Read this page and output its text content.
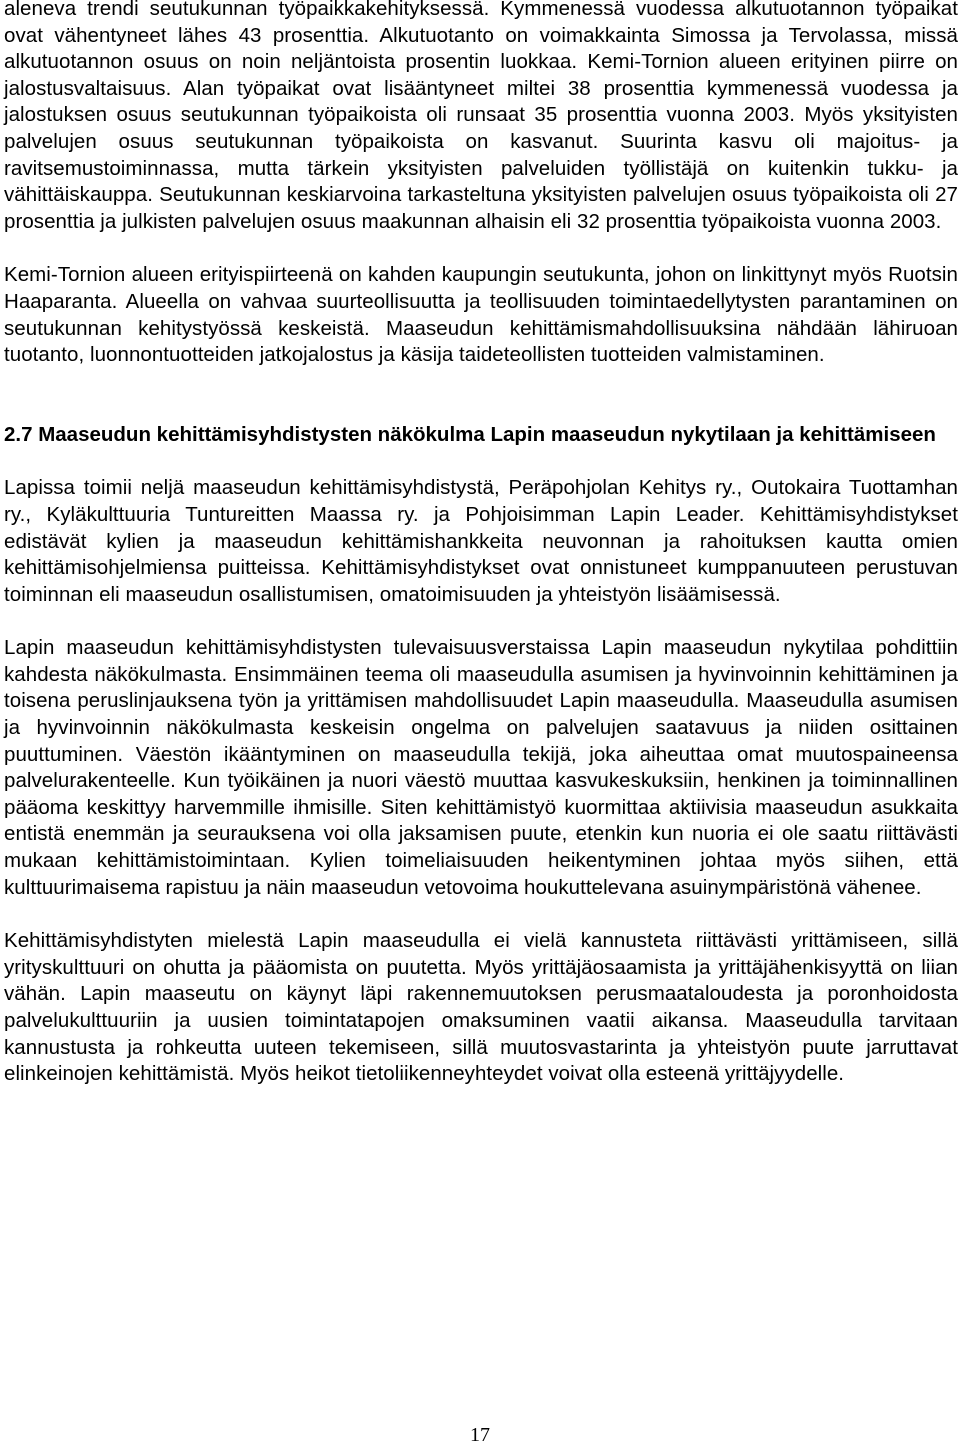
aleneva trendi seutukunnan työpaikkakehityksessä. Kymmenessä vuodessa alkutuotannon työpaikat ovat vähentyneet lähes 43 prosenttia. Alkutuotanto on voimakkainta Simossa ja Tervolassa, missä alkutuotannon osuus on noin neljäntoista prosentin luokkaa. Kemi-Tornion alueen erityinen piirre on jalostusvaltaisuus. Alan työpaikat ovat lisääntyneet miltei 38 prosenttia kymmenessä vuodessa ja jalostuksen osuus seutukunnan työpaikoista oli runsaat 35 prosenttia vuonna 2003. Myös yksityisten palvelujen osuus seutukunnan työpaikoista on kasvanut. Suurinta kasvu oli majoitus- ja ravitsemustoiminnassa, mutta tärkein yksityisten palveluiden työllistäjä on kuitenkin tukku- ja vähittäiskauppa. Seutukunnan keskiarvoina tarkasteltuna yksityisten palvelujen osuus työpaikoista oli 27 prosenttia ja julkisten palvelujen osuus maakunnan alhaisin eli 32 prosenttia työpaikoista vuonna 2003.

Kemi-Tornion alueen erityispiirteenä on kahden kaupungin seutukunta, johon on linkittynyt myös Ruotsin Haaparanta. Alueella on vahvaa suurteollisuutta ja teollisuuden toimintaedellytysten parantaminen on seutukunnan kehitystyössä keskeistä. Maaseudun kehittämismahdollisuuksina nähdään lähiruoan tuotanto, luonnontuotteiden jatkojalostus ja käsija taideteollisten tuotteiden valmistaminen.

2.7 Maaseudun kehittämisyhdistysten näkökulma Lapin maaseudun nykytilaan ja kehittämiseen

Lapissa toimii neljä maaseudun kehittämisyhdistystä, Peräpohjolan Kehitys ry., Outokaira Tuottamhan ry., Kyläkulttuuria Tuntureitten Maassa ry. ja Pohjoisimman Lapin Leader. Kehittämisyhdistykset edistävät kylien ja maaseudun kehittämishankkeita neuvonnan ja rahoituksen kautta omien kehittämisohjelmiensa puitteissa. Kehittämisyhdistykset ovat onnistuneet kumppanuuteen perustuvan toiminnan eli maaseudun osallistumisen, omatoimisuuden ja yhteistyön lisäämisessä.

Lapin maaseudun kehittämisyhdistysten tulevaisuusverstaissa Lapin maaseudun nykytilaa pohdittiin kahdesta näkökulmasta. Ensimmäinen teema oli maaseudulla asumisen ja hyvinvoinnin kehittäminen ja toisena peruslinjauksena työn ja yrittämisen mahdollisuudet Lapin maaseudulla. Maaseudulla asumisen ja hyvinvoinnin näkökulmasta keskeisin ongelma on palvelujen saatavuus ja niiden osittainen puuttuminen. Väestön ikääntyminen on maaseudulla tekijä, joka aiheuttaa omat muutospaineensa palvelurakenteelle. Kun työikäinen ja nuori väestö muuttaa kasvukeskuksiin, henkinen ja toiminnallinen pääoma keskittyy harvemmille ihmisille. Siten kehittämistyö kuormittaa aktiivisia maaseudun asukkaita entistä enemmän ja seurauksena voi olla jaksamisen puute, etenkin kun nuoria ei ole saatu riittävästi mukaan kehittämistoimintaan. Kylien toimeliaisuuden heikentyminen johtaa myös siihen, että kulttuurimaisema rapistuu ja näin maaseudun vetovoima houkuttelevana asuinympäristönä vähenee.

Kehittämisyhdistyten mielestä Lapin maaseudulla ei vielä kannusteta riittävästi yrittämiseen, sillä yrityskulttuuri on ohutta ja pääomista on puutetta. Myös yrittäjäosaamista ja yrittäjähenkisyyttä on liian vähän. Lapin maaseutu on käynyt läpi rakennemuutoksen perusmaataloudesta ja poronhoidosta palvelukulttuuriin ja uusien toimintatapojen omaksuminen vaatii aikansa. Maaseudulla tarvitaan kannustusta ja rohkeutta uuteen tekemiseen, sillä muutosvastarinta ja yhteistyön puute jarruttavat elinkeinojen kehittämistä. Myös heikot tietoliikenneyhteydet voivat olla esteenä yrittäjyydelle.

17
